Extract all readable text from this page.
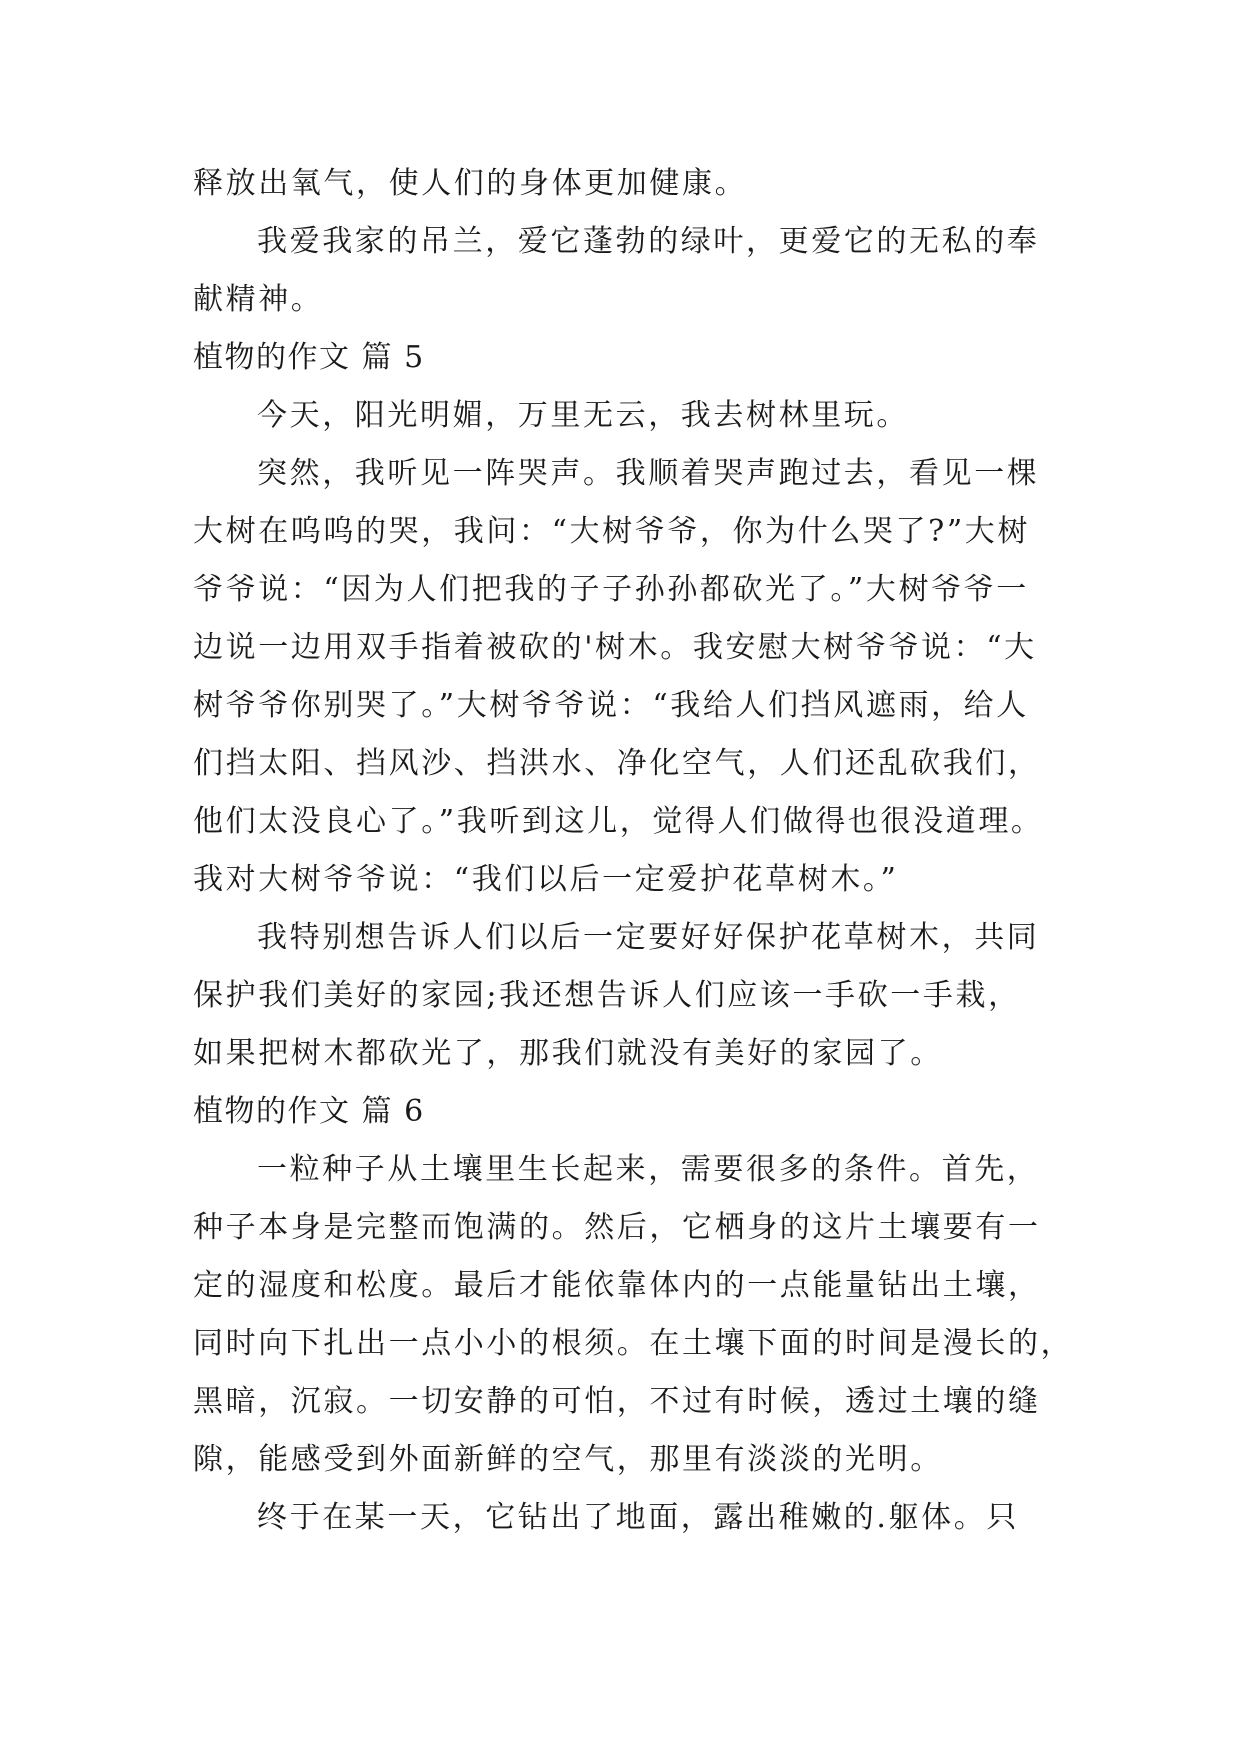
释放出氧气，使人们的身体更加健康。
我爱我家的吊兰，爱它蓬勃的绿叶，更爱它的无私的奉
献精神。
植物的作文 篇 5
今天，阳光明媚，万里无云，我去树林里玩。
突然，我听见一阵哭声。我顺着哭声跑过去，看见一棵
大树在呜呜的哭，我问：“大树爷爷，你为什么哭了?”大树
爷爷说：“因为人们把我的子子孙孙都砍光了。”大树爷爷一
边说一边用双手指着被砍的'树木。我安慰大树爷爷说：“大
树爷爷你别哭了。”大树爷爷说：“我给人们挡风遮雨，给人
们挡太阳、挡风沙、挡洪水、净化空气，人们还乱砍我们，
他们太没良心了。”我听到这儿，觉得人们做得也很没道理。
我对大树爷爷说：“我们以后一定爱护花草树木。”
我特别想告诉人们以后一定要好好保护花草树木，共同
保护我们美好的家园;我还想告诉人们应该一手砍一手栽，
如果把树木都砍光了，那我们就没有美好的家园了。
植物的作文 篇 6
一粒种子从土壤里生长起来，需要很多的条件。首先，
种子本身是完整而饱满的。然后，它栖身的这片土壤要有一
定的湿度和松度。最后才能依靠体内的一点能量钻出土壤，
同时向下扎出一点小小的根须。在土壤下面的时间是漫长的，
黑暗，沉寂。一切安静的可怕，不过有时候，透过土壤的缝
隙，能感受到外面新鲜的空气，那里有淡淡的光明。
终于在某一天，它钻出了地面，露出稚嫩的.躯体。只
